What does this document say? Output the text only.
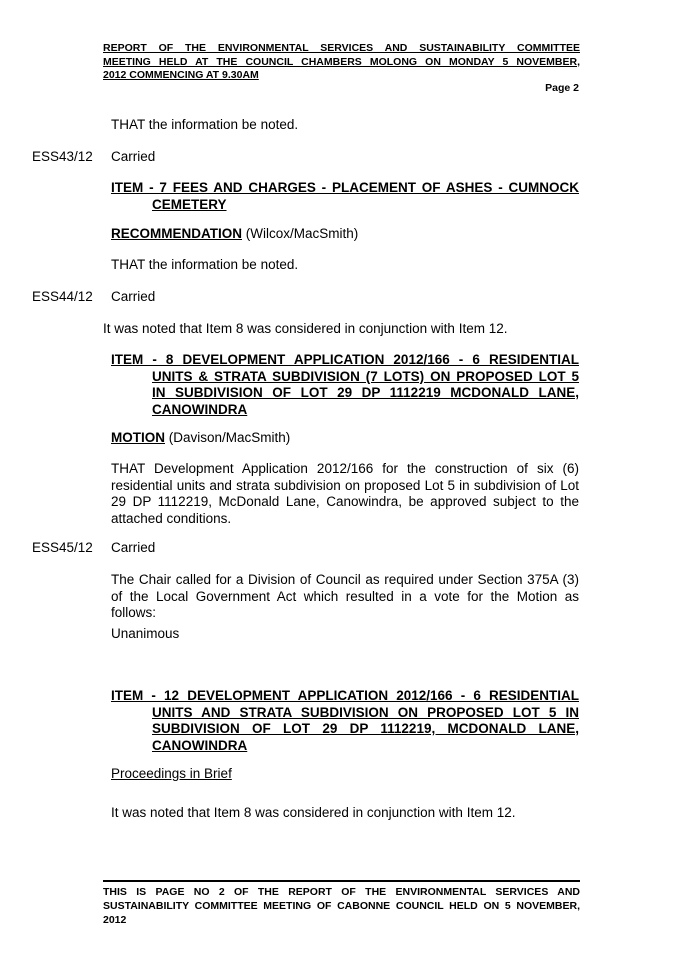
REPORT OF THE ENVIRONMENTAL SERVICES AND SUSTAINABILITY COMMITTEE
MEETING HELD AT THE COUNCIL CHAMBERS MOLONG ON MONDAY 5 NOVEMBER,
2012 COMMENCING AT 9.30AM
Page 2
THAT the information be noted.
ESS43/12 Carried
ITEM - 7 FEES AND CHARGES - PLACEMENT OF ASHES - CUMNOCK
CEMETERY
RECOMMENDATION (Wilcox/MacSmith)
THAT the information be noted.
ESS44/12 Carried
It was noted that Item 8 was considered in conjunction with Item 12.
ITEM - 8 DEVELOPMENT APPLICATION 2012/166 - 6 RESIDENTIAL
UNITS & STRATA SUBDIVISION (7 LOTS) ON PROPOSED LOT 5
IN SUBDIVISION OF LOT 29 DP 1112219 MCDONALD LANE,
CANOWINDRA
MOTION (Davison/MacSmith)
THAT Development Application 2012/166 for the construction of six (6) residential units and strata subdivision on proposed Lot 5 in subdivision of Lot 29 DP 1112219, McDonald Lane, Canowindra, be approved subject to the attached conditions.
ESS45/12 Carried
The Chair called for a Division of Council as required under Section 375A (3) of the Local Government Act which resulted in a vote for the Motion as follows:
Unanimous
ITEM - 12 DEVELOPMENT APPLICATION 2012/166 - 6 RESIDENTIAL
UNITS AND STRATA SUBDIVISION ON PROPOSED LOT 5 IN
SUBDIVISION OF LOT 29 DP 1112219, MCDONALD LANE,
CANOWINDRA
Proceedings in Brief
It was noted that Item 8 was considered in conjunction with Item 12.
THIS IS PAGE NO 2 OF THE REPORT OF THE ENVIRONMENTAL SERVICES AND SUSTAINABILITY COMMITTEE MEETING OF CABONNE COUNCIL HELD ON 5 NOVEMBER, 2012
